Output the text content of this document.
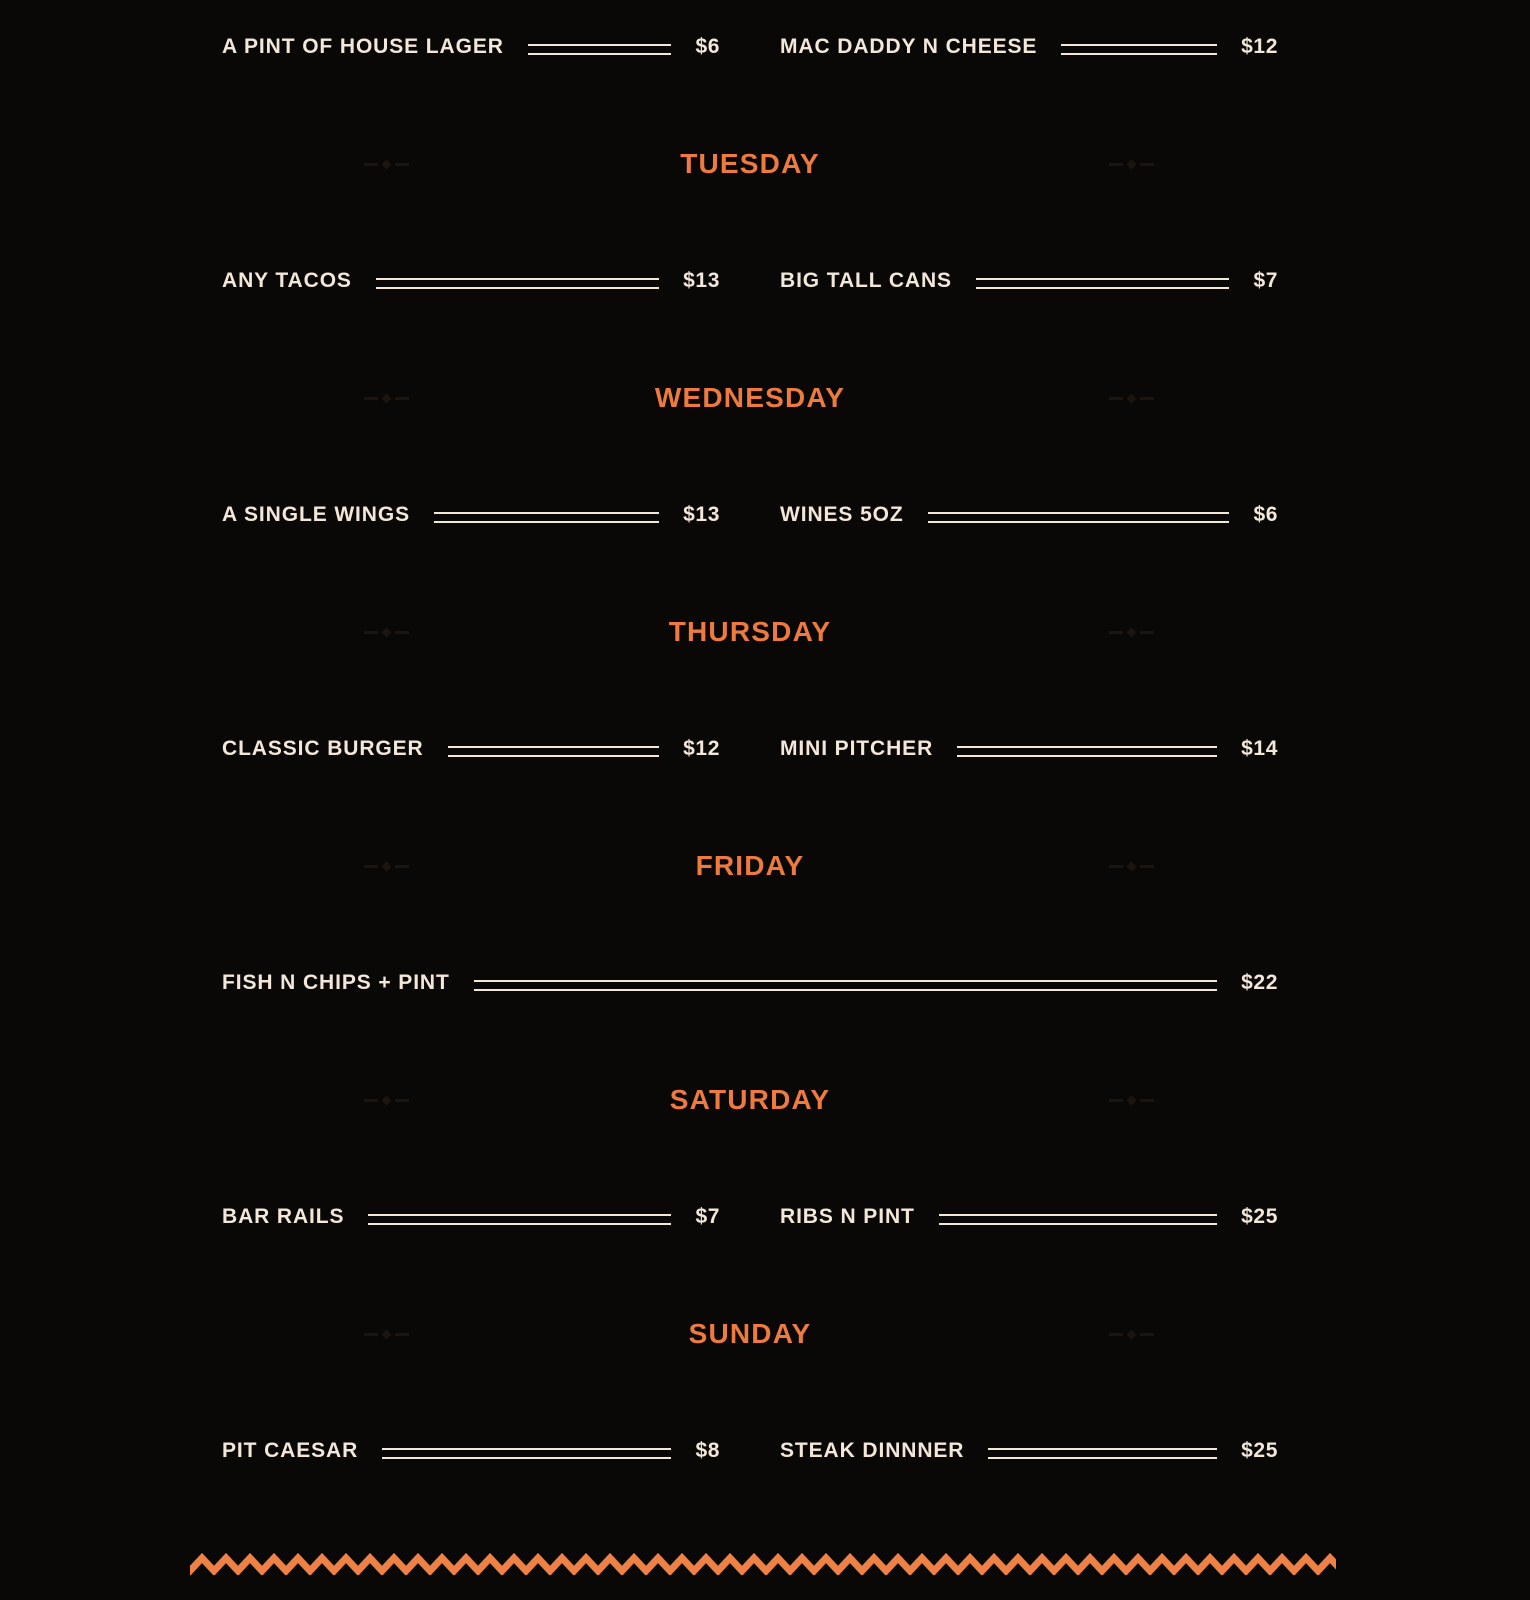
A PINT OF HOUSE LAGER	$6	MAC DADDY N CHEESE	$12
TUESDAY
ANY TACOS	$13	BIG TALL CANS	$7
WEDNESDAY
A SINGLE WINGS	$13	WINES 5OZ	$6
THURSDAY
CLASSIC BURGER	$12	MINI PITCHER	$14
FRIDAY
FISH N CHIPS + PINT	$22
SATURDAY
BAR RAILS	$7	RIBS N PINT	$25
SUNDAY
PIT CAESAR	$8	STEAK DINNNER	$25
